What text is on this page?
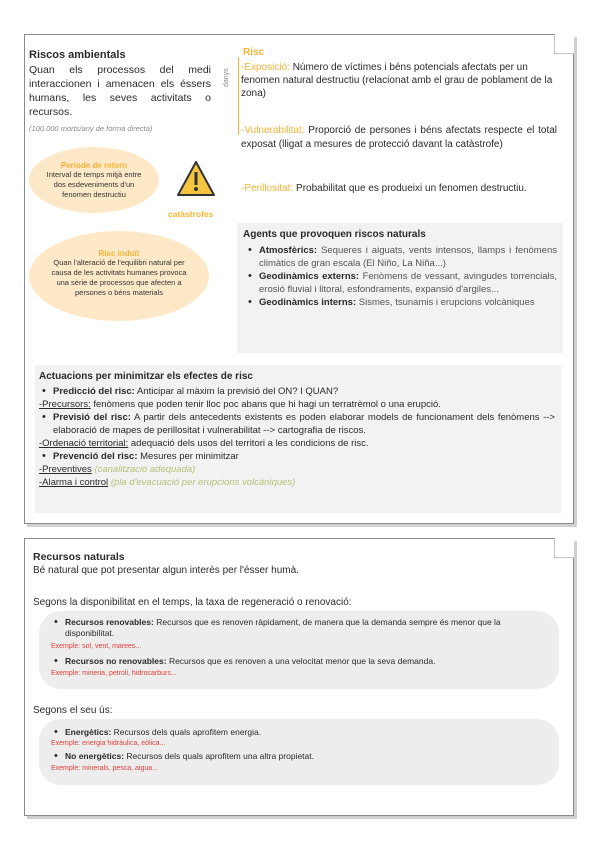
Riscos ambientals
Quan els processos del medi interaccionen i amenacen els éssers humans, les seves activitats o recursos.
(100.000 morts/any de forma directa)
Període de retorn
Interval de temps mitjà entre dos esdeveniments d'un fenomen destructiu
catàstrofes
Risc induït
Quan l'alteració de l'equilibri natural per causa de les activitats humanes provoca una sèrie de processos que afecten a persones o béns materials
Risc
danys
-Exposició: Número de víctimes i béns potencials afectats per un fenomen natural destructiu (relacionat amb el grau de poblament de la zona)
-Vulnerabilitat: Proporció de persones i béns afectats respecte el total exposat (lligat a mesures de protecció davant la catàstrofe)
-Perillositat: Probabilitat que es produeixi un fenomen destructiu.
Agents que provoquen riscos naturals
• Atmosfèrics: Sequeres i aiguats, vents intensos, llamps i fenòmens climàtics de gran escala (El Niño, La Niña...)
• Geodinàmics externs: Fenòmens de vessant, avingudes torrencials, erosió fluvial i litoral, esfondraments, expansió d'argiles...
• Geodinàmics interns: Sismes, tsunamis i erupcions volcàniques
Actuacions per minimitzar els efectes de risc
• Predicció del risc: Anticipar al màxim la previsió del ON? I QUAN?
-Precursors: fenòmens que poden tenir lloc poc abans que hi hagi un terratrèmol o una erupció.
• Previsió del risc: A partir dels antecedents existents es poden elaborar models de funcionament dels fenòmens --> elaboració de mapes de perillositat i vulnerabilitat --> cartografia de riscos.
-Ordenació territorial: adequació dels usos del territori a les condicions de risc.
• Prevenció del risc: Mesures per minimitzar
-Preventives (canalització adequada)
-Alarma i control (pla d'evacuació per erupcions volcàniques)
Recursos naturals
Bé natural que pot presentar algun interès per l'ésser humà.
Segons la disponibilitat en el temps, la taxa de regeneració o renovació:
• Recursos renovables: Recursos que es renoven ràpidament, de manera que la demanda sempre és menor que la disponibilitat.
Exemple: sol, vent, marees...
• Recursos no renovables: Recursos que es renoven a una velocitat menor que la seva demanda.
Exemple: mineria, petroli, hidrocarburs...
Segons el seu ús:
• Energètics: Recursos dels quals aprofitem energia.
Exemple: energia hidràulica, eòlica...
• No energètics: Recursos dels quals aprofitem una altra propietat.
Exemple: minerals, pesca, aigua...
